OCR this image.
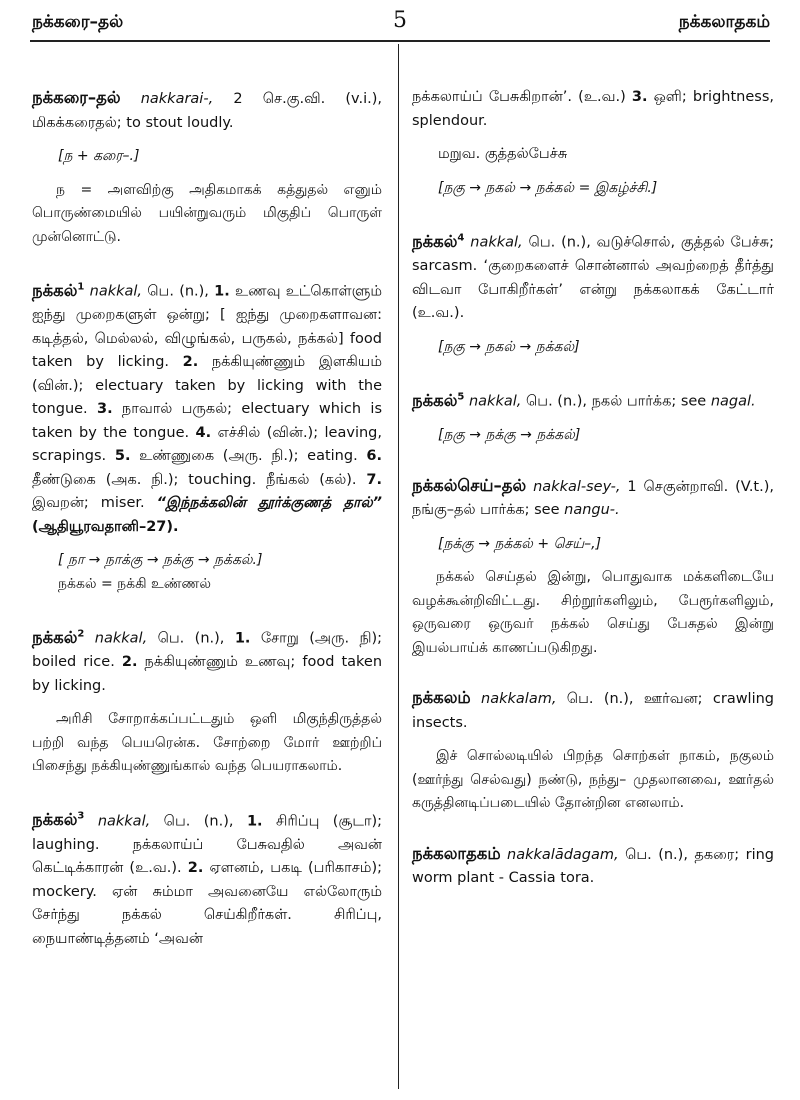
நக்கரை–தல்	5	நக்கலாதகம்

நக்கரை–தல் nakkarai-, 2 செ.கு.வி. (v.i.), மிகக்கரைதல்; to stout loudly.

[ந + கரை–.]
ந = அளவிற்கு அதிகமாகக் கத்துதல் எனும் பொருண்மையில் பயின்றுவரும் மிகுதிப் பொருள் முன்னொட்டு.

நக்கல்$^1$ nakkal, பெ. (n.), 1. உணவு உட்கொள்ளும் ஐந்து முறைகளுள் ஒன்று; [ ஐந்து முறைகளாவன: கடித்தல், மெல்லல், விழுங்கல், பருகல், நக்கல்] food taken by licking. 2. நக்கியுண்ணும் இளகியம் (வின்.); electuary taken by licking with the tongue. 3. நாவால் பருகல்; electuary which is taken by the tongue. 4. எச்சில் (வின்.); leaving, scrapings. 5. உண்ணுகை (அரு. நி.); eating. 6. தீண்டுகை (அக. நி.); touching. நீங்கல் (கல்). 7. இவறன்; miser. “இந்நக்கலின் தூர்க்குணத் தால்” (ஆதியூரவதானி–27).

[ நா → நாக்கு → நக்கு → நக்கல்.]
நக்கல் = நக்கி உண்ணல்

நக்கல்$^2$ nakkal, பெ. (n.), 1. சோறு (அரு. நி); boiled rice. 2. நக்கியுண்ணும் உணவு; food taken by licking.

அரிசி சோறாக்கப்பட்டதும் ஒளி மிகுந்திருத்தல் பற்றி வந்த பெயரென்க. சோற்றை மோர் ஊற்றிப் பிசைந்து நக்கியுண்ணுங்கால் வந்த பெயராகலாம்.

நக்கல்$^3$ nakkal, பெ. (n.), 1. சிரிப்பு (சூடா); laughing. நக்கலாய்ப் பேசுவதில் அவன் கெட்டிக்காரன் (உ.வ.). 2. ஏளனம், பகடி (பரிகாசம்); mockery. ஏன் சும்மா அவனையே எல்லோரும் சேர்ந்து நக்கல் செய்கிறீர்கள். சிரிப்பு, நையாண்டித்தனம் ‘அவன்

நக்கலாய்ப் பேசுகிறான்’. (உ.வ.) 3. ஒளி; brightness, splendour.

மறுவ. குத்தல்பேச்சு
[நகு → நகல் → நக்கல் = இகழ்ச்சி.]

நக்கல்$^4$ nakkal, பெ. (n.), வடுச்சொல், குத்தல் பேச்சு; sarcasm. ‘குறைகளைச் சொன்னால் அவற்றைத் தீர்த்து விடவா போகிறீர்கள்’ என்று நக்கலாகக் கேட்டார் (உ.வ.).

[நகு → நகல் → நக்கல்]

நக்கல்$^5$ nakkal, பெ. (n.), நகல் பார்க்க; see nagal.

[நகு → நக்கு → நக்கல்]

நக்கல்செய்–தல் nakkal-sey-, 1 செகுன்றாவி. (V.t.), நங்கு–தல் பார்க்க; see nangu-.

[நக்கு → நக்கல் + செய்–,]
நக்கல் செய்தல் இன்று, பொதுவாக மக்களிடையே வழக்கூன்றிவிட்டது. சிற்றூர்களிலும், பேரூர்களிலும், ஒருவரை ஒருவர் நக்கல் செய்து பேசுதல் இன்று இயல்பாய்க் காணப்படுகிறது.

நக்கலம் nakkalam, பெ. (n.), ஊர்வன; crawling insects.

இச் சொல்லடியில் பிறந்த சொற்கள் நாகம், நகுலம் (ஊர்ந்து செல்வது) நண்டு, நந்து– முதலானவை, ஊர்தல் கருத்தினடிப்படையில் தோன்றின எனலாம்.

நக்கலாதகம் nakkalādagam, பெ. (n.), தகரை; ring worm plant - Cassia tora.
